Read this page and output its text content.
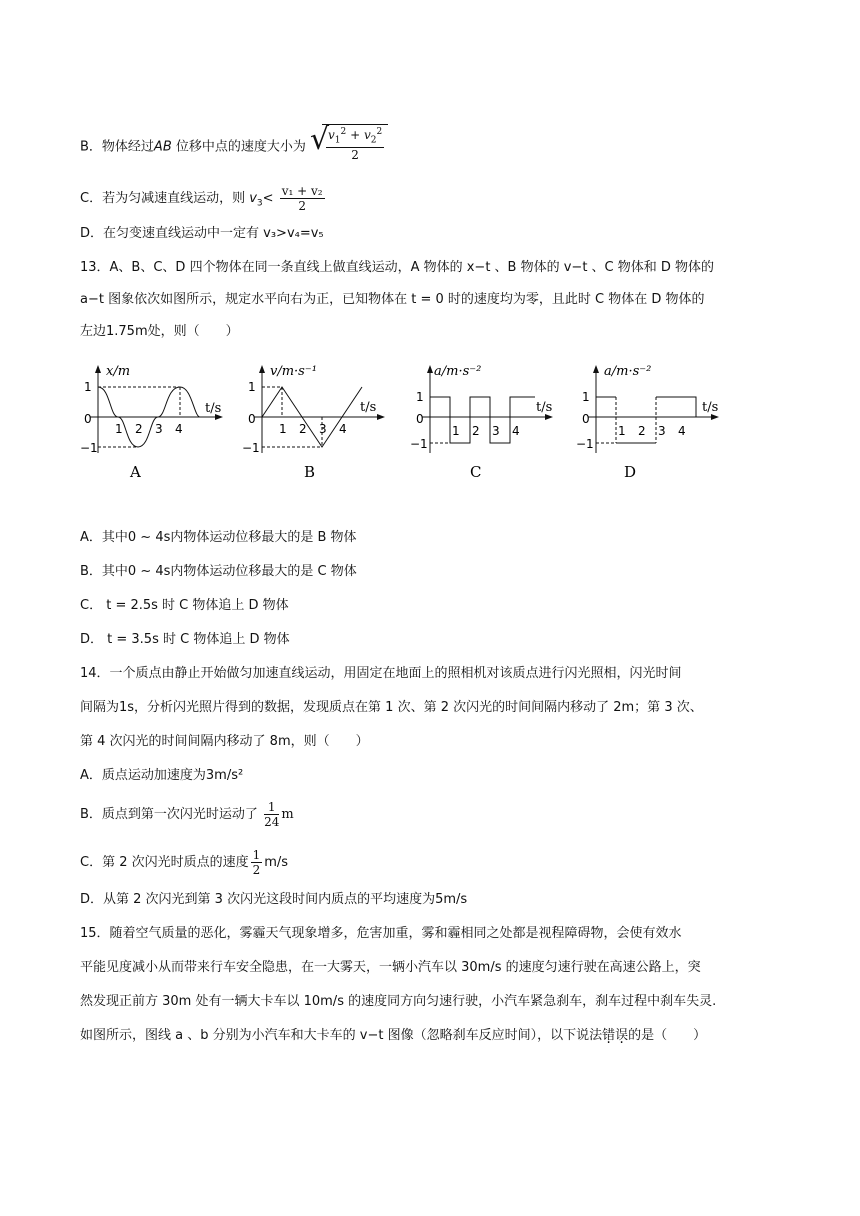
B．物体经过AB 位移中点的速度大小为 √
$\frac{v_1^2 + v_2^2}{2}$
C．若为匀减速直线运动，则 $v_3< \frac{\text{v₁ + v₂}}{2}$
D．在匀变速直线运动中一定有 v₃>v₄=v₅
13．A、B、C、D 四个物体在同一条直线上做直线运动，A 物体的 x−t 、B 物体的 v−t 、C 物体和 D 物体的
a−t 图象依次如图所示，规定水平向右为正，已知物体在 t = 0 时的速度均为零，且此时 C 物体在 D 物体的
左边1.75m处，则（　　）
x/m
t/s
1
0
−1
1 2 3 4
A
v/m·s⁻¹
t/s
1
0
−1
1 2 3 4
B
a/m·s⁻²
t/s
1
0
−1
1 2 3 4
C
a/m·s⁻²
t/s
1
0
−1
1 2 3 4
D
A．其中0 ~ 4s内物体运动位移最大的是 B 物体
B．其中0 ~ 4s内物体运动位移最大的是 C 物体
C． t = 2.5s 时 C 物体追上 D 物体
D． t = 3.5s 时 C 物体追上 D 物体
14．一个质点由静止开始做匀加速直线运动，用固定在地面上的照相机对该质点进行闪光照相，闪光时间
间隔为1s，分析闪光照片得到的数据，发现质点在第 1 次、第 2 次闪光的时间间隔内移动了 2m；第 3 次、
第 4 次闪光的时间间隔内移动了 8m，则（　　）
A．质点运动加速度为3m/s²
B．质点到第一次闪光时运动了 $\frac{1}{24}$ m
C．第 2 次闪光时质点的速度 $\frac{1}{2} m/s$
D．从第 2 次闪光到第 3 次闪光这段时间内质点的平均速度为5m/s
15．随着空气质量的恶化，雾霾天气现象增多，危害加重，雾和霾相同之处都是视程障碍物，会使有效水
平能见度减小从而带来行车安全隐患，在一大雾天，一辆小汽车以 30m/s 的速度匀速行驶在高速公路上，突
然发现正前方 30m 处有一辆大卡车以 10m/s 的速度同方向匀速行驶，小汽车紧急刹车，刹车过程中刹车失灵.
如图所示，图线 a 、b 分别为小汽车和大卡车的 v−t 图像（忽略刹车反应时间），以下说法错误的是（　　）
